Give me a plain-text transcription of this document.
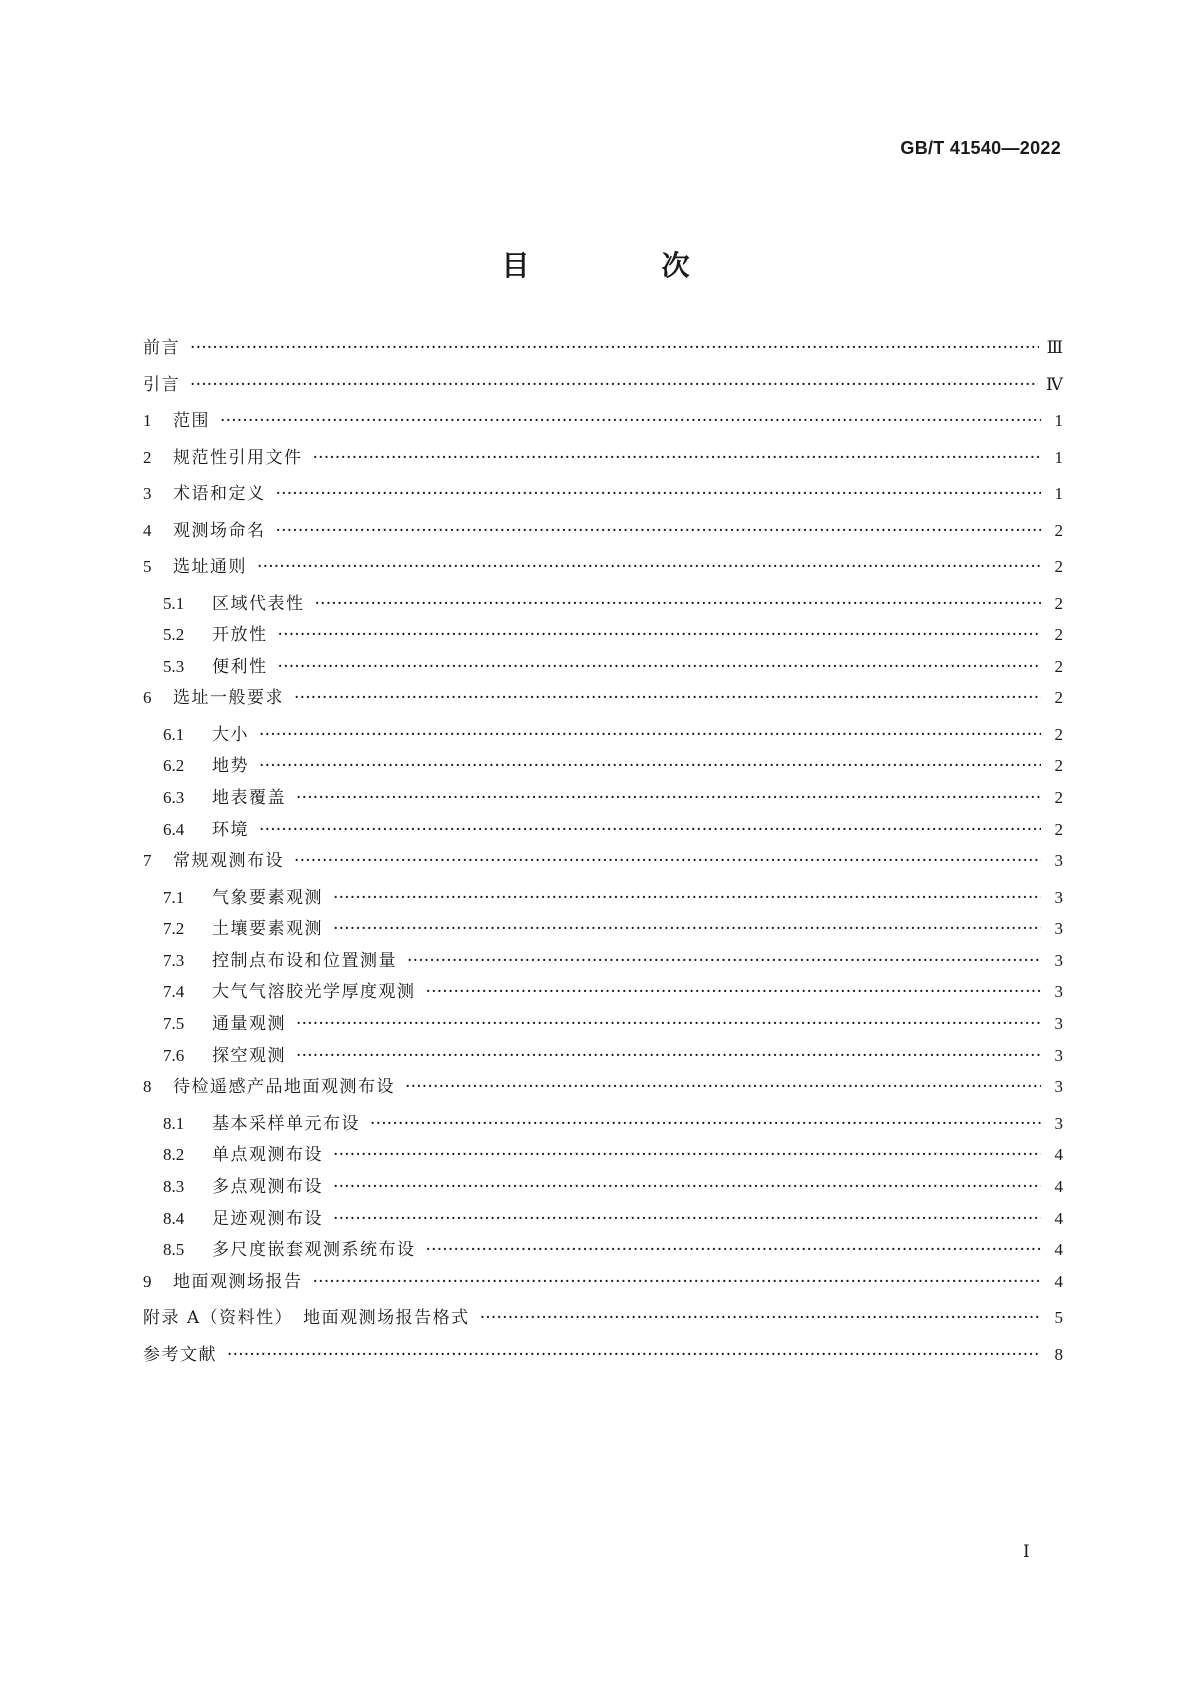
GB/T 41540—2022
目　次
前言 ·····	Ⅲ
引言 ·····	Ⅳ
1	范围 ·····	1
2	规范性引用文件 ·····	1
3	术语和定义 ·····	1
4	观测场命名 ·····	2
5	选址通则 ·····	2
5.1	区域代表性 ·····	2
5.2	开放性 ·····	2
5.3	便利性 ·····	2
6	选址一般要求 ·····	2
6.1	大小 ·····	2
6.2	地势 ·····	2
6.3	地表覆盖 ·····	2
6.4	环境 ·····	2
7	常规观测布设 ·····	3
7.1	气象要素观测 ·····	3
7.2	土壤要素观测 ·····	3
7.3	控制点布设和位置测量 ·····	3
7.4	大气气溶胶光学厚度观测 ·····	3
7.5	通量观测 ·····	3
7.6	探空观测 ·····	3
8	待检遥感产品地面观测布设 ·····	3
8.1	基本采样单元布设 ·····	3
8.2	单点观测布设 ·····	4
8.3	多点观测布设 ·····	4
8.4	足迹观测布设 ·····	4
8.5	多尺度嵌套观测系统布设 ·····	4
9	地面观测场报告 ·····	4
附录 A（资料性）　地面观测场报告格式 ·····	5
参考文献 ·····	8
Ⅰ
